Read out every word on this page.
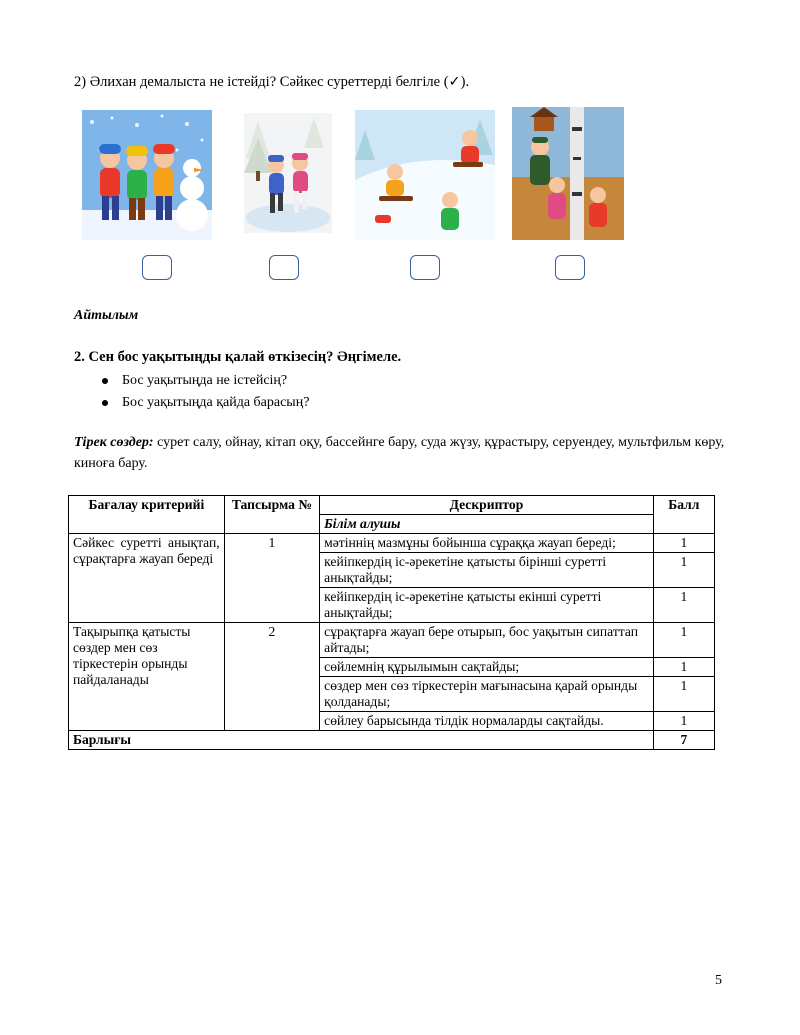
2) Әлихан демалыста не істейді? Сәйкес суреттерді белгіле (✓).
Айтылым
2. Сен бос уақытыңды қалай өткізесің? Әңгімеле.
Бос уақытыңда не істейсің?
Бос уақытыңда қайда барасың?
Тірек сөздер: сурет салу, ойнау, кітап оқу, бассейнге бару, суда жүзу, құрастыру, серуендеу, мультфильм көру, киноға бару.
Бағалау критерийі	Тапсырма №	Дескриптор	Балл
		Білім алушы	

Сәйкес суретті анықтап, сұрақтарға жауап береді	1	мәтіннің мазмұны бойынша сұраққа жауап береді;	1
		кейіпкердің іс-әрекетіне қатысты бірінші суретті анықтайды;	1
		кейіпкердің іс-әрекетіне қатысты екінші суретті анықтайды;	1
Тақырыпқа қатысты сөздер мен сөз тіркестерін орынды пайдаланады	2	сұрақтарға жауап бере отырып, бос уақытын сипаттап айтады;	1
		сөйлемнің құрылымын сақтайды;	1
		сөздер мен сөз тіркестерін мағынасына қарай орынды қолданады;	1
		сөйлеу барысында тілдік нормаларды сақтайды.	1
Барлығы			7
5
